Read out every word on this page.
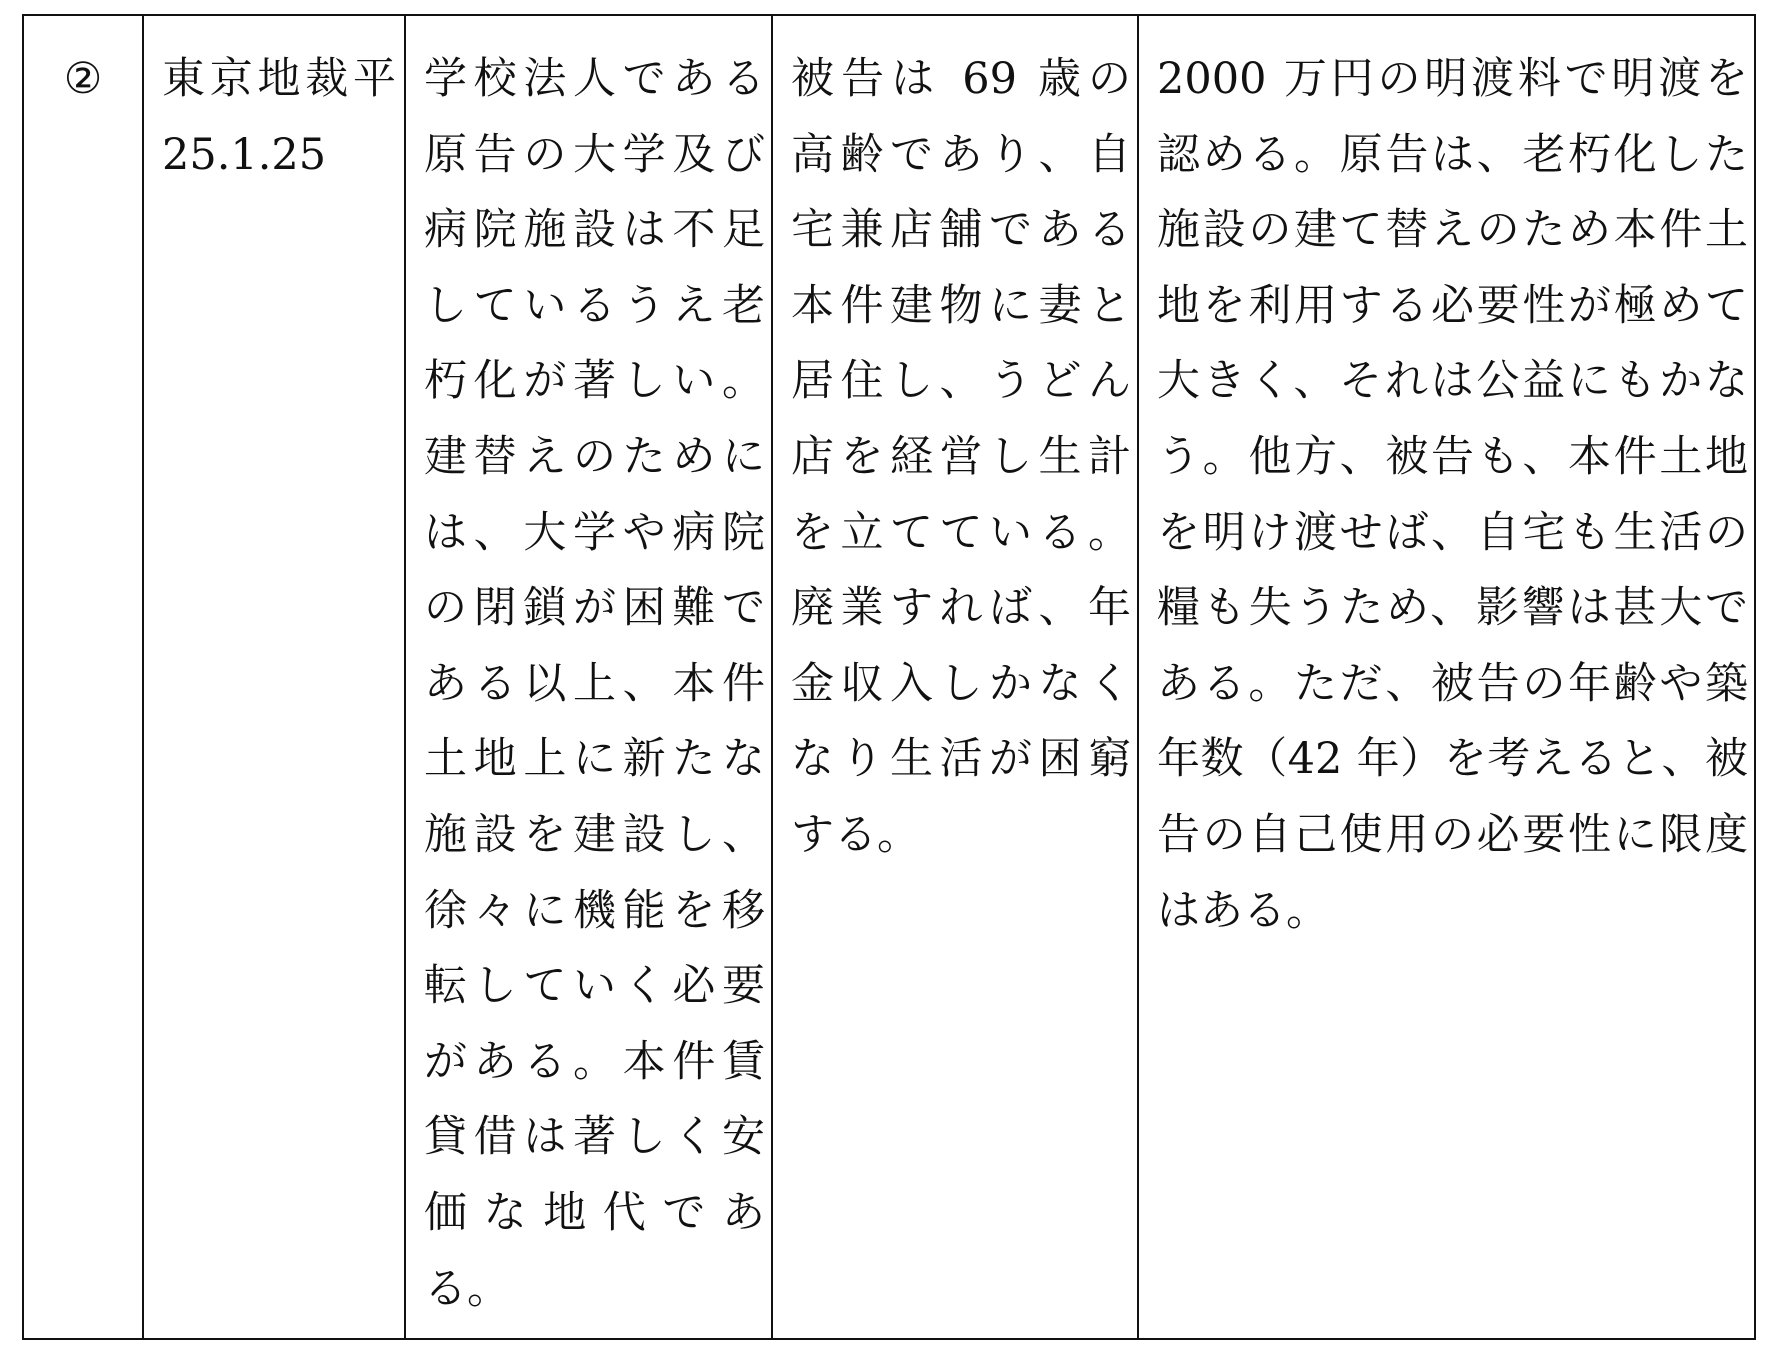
②	東京地裁平 25.1.25	学校法人である原告の大学及び病院施設は不足しているうえ老朽化が著しい。建替えのためには、大学や病院の閉鎖が困難である以上、本件土地上に新たな施設を建設し、徐々に機能を移転していく必要がある。本件賃貸借は著しく安価な地代である。	被告は 69 歳の高齢であり、自宅兼店舗である本件建物に妻と居住し、うどん店を経営し生計を立てている。廃業すれば、年金収入しかなくなり生活が困窮する。	2000 万円の明渡料で明渡を認める。原告は、老朽化した施設の建て替えのため本件土地を利用する必要性が極めて大きく、それは公益にもかなう。他方、被告も、本件土地を明け渡せば、自宅も生活の糧も失うため、影響は甚大である。ただ、被告の年齢や築年数（42 年）を考えると、被告の自己使用の必要性に限度はある。
